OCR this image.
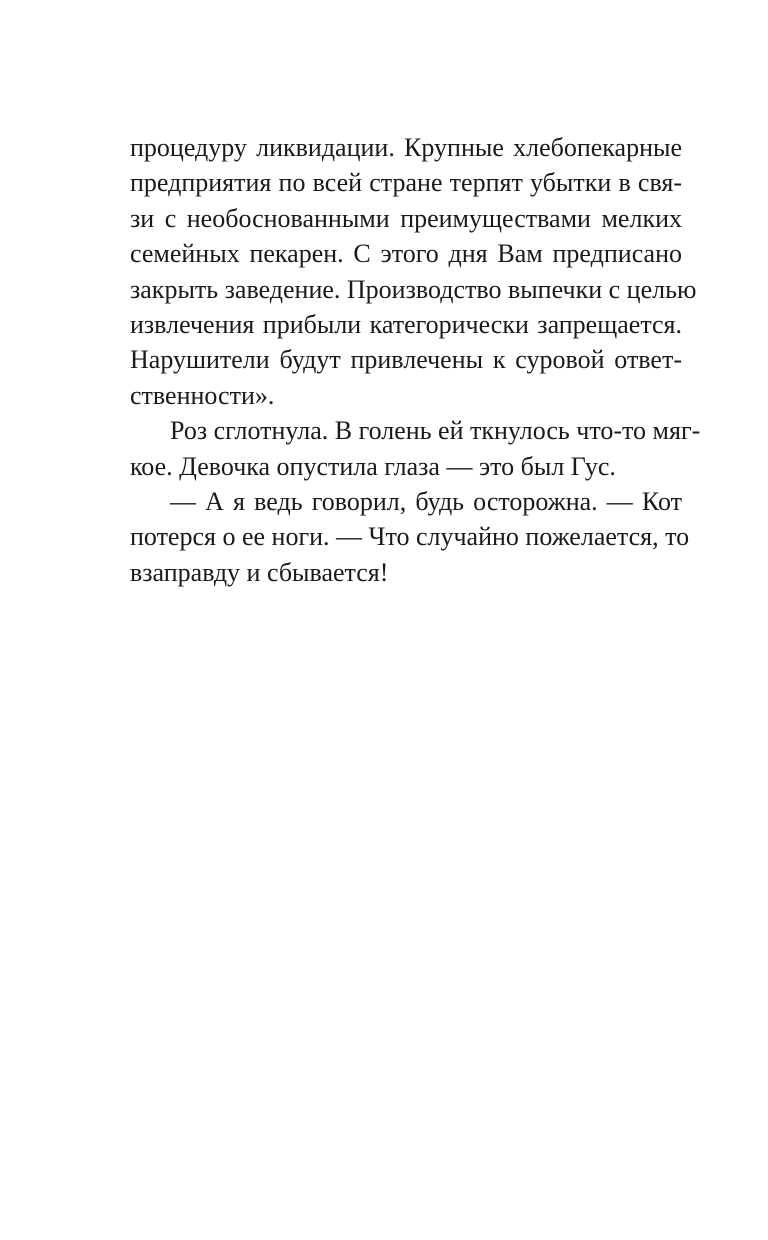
процедуру ликвидации. Крупные хлебопекарные
предприятия по всей стране терпят убытки в свя-
зи с необоснованными преимуществами мелких
семейных пекарен. С этого дня Вам предписано
закрыть заведение. Производство выпечки с целью
извлечения прибыли категорически запрещается.
Нарушители будут привлечены к суровой ответ-
ственности».
Роз сглотнула. В голень ей ткнулось что-то мяг-
кое. Девочка опустила глаза — это был Гус.
— А я ведь говорил, будь осторожна. — Кот
потерся о ее ноги. — Что случайно пожелается, то
взаправду и сбывается!
